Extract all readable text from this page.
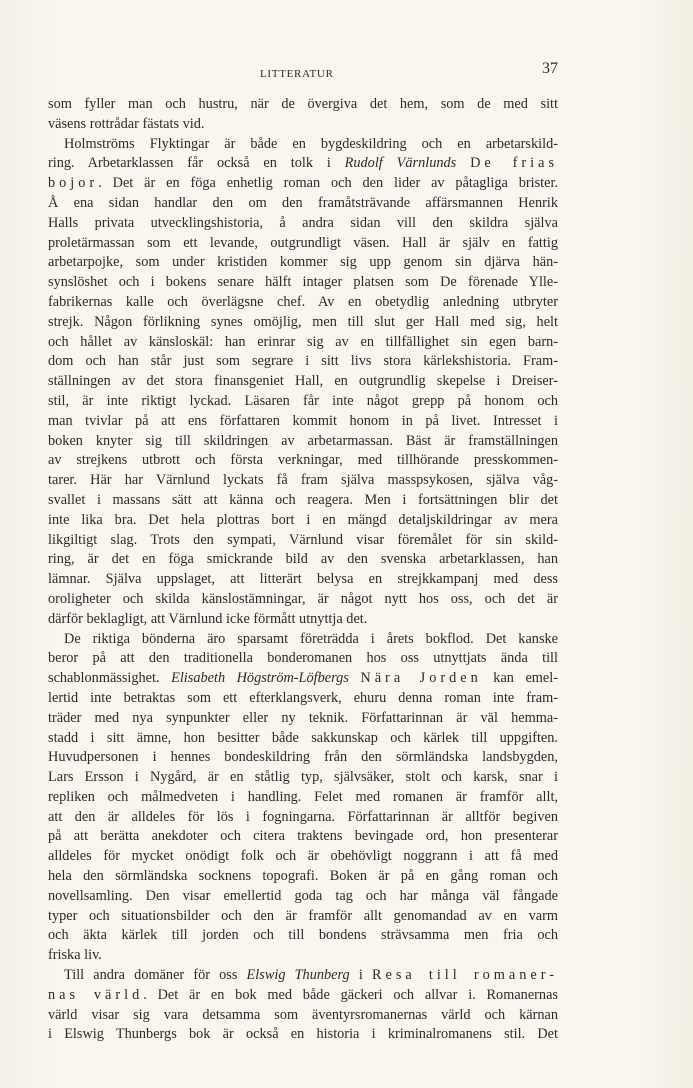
LITTERATUR	37
som fyller man och hustru, när de övergiva det hem, som de med sitt
väsens rottrådar fästats vid.
Holmströms Flyktingar är både en bygdeskildring och en arbetarskild-
ring. Arbetarklassen får också en tolk i Rudolf Värnlunds De frias
bojor. Det är en föga enhetlig roman och den lider av påtagliga brister.
Å ena sidan handlar den om den framåtsträvande affärsmannen Henrik
Halls privata utvecklingshistoria, å andra sidan vill den skildra själva
proletärmassan som ett levande, outgrundligt väsen. Hall är själv en fattig
arbetarpojke, som under kristiden kommer sig upp genom sin djärva hän-
synslöshet och i bokens senare hälft intager platsen som De förenade Ylle-
fabrikernas kalle och överlägsne chef. Av en obetydlig anledning utbryter
strejk. Någon förlikning synes omöjlig, men till slut ger Hall med sig, helt
och hållet av känsloskäl: han erinrar sig av en tillfällighet sin egen barn-
dom och han står just som segrare i sitt livs stora kärlekshistoria. Fram-
ställningen av det stora finansgeniet Hall, en outgrundlig skepelse i Dreiser-
stil, är inte riktigt lyckad. Läsaren får inte något grepp på honom och
man tvivlar på att ens författaren kommit honom in på livet. Intresset i
boken knyter sig till skildringen av arbetarmassan. Bäst är framställningen
av strejkens utbrott och första verkningar, med tillhörande presskommen-
tarer. Här har Värnlund lyckats få fram själva masspsykosen, själva våg-
svallet i massans sätt att känna och reagera. Men i fortsättningen blir det
inte lika bra. Det hela plottras bort i en mängd detaljskildringar av mera
likgiltigt slag. Trots den sympati, Värnlund visar föremålet för sin skild-
ring, är det en föga smickrande bild av den svenska arbetarklassen, han
lämnar. Själva uppslaget, att litterärt belysa en strejkkampanj med dess
oroligheter och skilda känslostämningar, är något nytt hos oss, och det är
därför beklagligt, att Värnlund icke förmått utnyttja det.
De riktiga bönderna äro sparsamt företrädda i årets bokflod. Det kanske
beror på att den traditionella bonderomanen hos oss utnyttjats ända till
schablonmässighet. Elisabeth Högström-Löfbergs Nära Jorden kan emel-
lertid inte betraktas som ett efterklangsverk, ehuru denna roman inte fram-
träder med nya synpunkter eller ny teknik. Författarinnan är väl hemma-
stadd i sitt ämne, hon besitter både sakkunskap och kärlek till uppgiften.
Huvudpersonen i hennes bondeskildring från den sörmländska landsbygden,
Lars Ersson i Nygård, är en ståtlig typ, självsäker, stolt och karsk, snar i
repliken och målmedveten i handling. Felet med romanen är framför allt,
att den är alldeles för lös i fogningarna. Författarinnan är alltför begiven
på att berätta anekdoter och citera traktens bevingade ord, hon presenterar
alldeles för mycket onödigt folk och är obehövligt noggrann i att få med
hela den sörmländska socknens topografi. Boken är på en gång roman och
novellsamling. Den visar emellertid goda tag och har många väl fångade
typer och situationsbilder och den är framför allt genomandad av en varm
och äkta kärlek till jorden och till bondens strävsamma men fria och
friska liv.
Till andra domäner för oss Elswig Thunberg i Resa till romaner-
nas värld. Det är en bok med både gäckeri och allvar i. Romanernas
värld visar sig vara detsamma som äventyrsromanernas värld och kärnan
i Elswig Thunbergs bok är också en historia i kriminalromanens stil. Det
